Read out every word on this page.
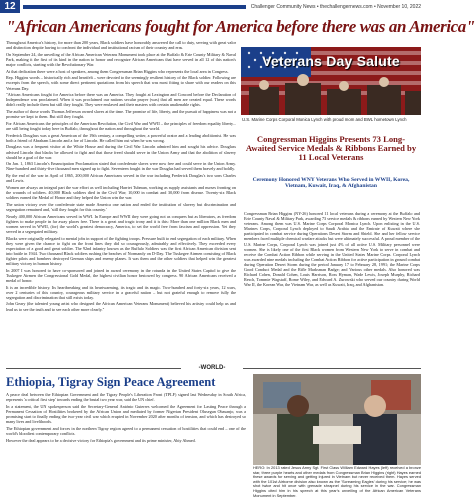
12	Challenger Community News • thechallengernews.com • November 10, 2022
"African Americans fought for America before there was an America"

Throughout America's history, for more than 200 years, Black soldiers have honorably answered the call to duty, serving with great valor and distinction despite having to confront the individual and institutional racism of their country and eras.

On September 24, the unveiling of the African American Veterans Monument took place at the Buffalo & Erie County Military & Naval Park, making it the first of its kind in the nation to honor and recognize African Americans that have served in all 12 of this nation's major conflicts, starting with the Revolutionary War.

At that dedication there were a host of speakers, among them Congressman Brian Higgins who represents the local area in Congress.

Rep. Higgins words – historically rich and heartfelt – were devoted to the seemingly resilient history of the Black soldier. Following are excerpts from the speech, with some direct pertinent quotations from his speech that was most fitting to share with our readers on this Veterans Day.

"African Americans fought for America before there was an America. They fought at Lexington and Concord before the Declaration of Independence was proclaimed. When it was proclaimed our nations secular prayer (was) that all men are created equal. These words didn't really include them but still they fought. They were enslaved and their masters with certain unalienable rights.

The author of those words Thomas Jefferson owned slaves at the time. The promise of life, liberty, and the pursuit of happiness was not a promise we kept to them. But still they fought.

For African Americans the principles of the American Revolution, the Civil War and WWII – the principles of freedom equality liberty... are still being fought today here in Buffalo, throughout the nation and throughout the world.

Frederick Douglass was a great American of the 19th century, a compelling writer, a powerful orator and a leading abolitionist. He was both a friend of Abraham Lincoln and a foe of Lincoln. He called him out when he was wrong.

Douglass was a frequent visitor at the White House and during the Civil War Lincoln admired him and sought his advice. Douglass advised Lincoln that blacks be allowed to fight and that those freed should serve in the Union Army and that the abolition of slavery should be a goal of the war.

On Jan. 1, 1863 Lincoln's Emancipation Proclamation stated that confederate slaves were now free and could serve in the Union Army. Nine-hundred and thirty-five thousand men signed up to fight. Seventeen fought in the war Douglas had served them bravely and boldly.

By the end of the war in April of 1865, 200,000 African Americans served in the war including Frederick Douglas's two sons Charles and Lewis.

Women are always an integral part the war effort as well including Harriet Tubman, working as supply assistants and nurses fronting on the wounds of soldiers. 40,000 Black soldiers died in the Civil War; 10,000 in combat and 30,000 from disease. Twenty-six Black soldiers earned the Medal of Honor and they helped the Union win the war.

The union victory over the confederate state made America one nation and ended the institution of slavery but discrimination and segregation remained and, 'still they fought for this country.'

Nearly 400,000 African Americans served in WWI. In Europe and WWII they were going not as conquers but as liberators, as freedom fighters to make people in far away places free. There is a great and tragic irony and it is this: More than one million Black men and women served in WWII, (for) the world's greatest democracy, America, to set the world free from fascism and oppression. Yet they served in a segregated military.

Blacks were originally relegated to menial jobs in support of the fighting troops. Pressure built to end segregation of each military. When they were given the chance to fight on the front lines they did so courageously, admirably and effectively. They exceeded every expectation of a good and great soldier. The 92nd infantry known as the Buffalo Soldiers was the first African American division sent into battle in 1944. Two thousand Black soldiers rushing the beaches of Normandy on D-Day. The Tuskegee Airmen consisting of Black fighter pilots and bombers destroyed German ships and enemy planes. It was them and the other soldiers that helped win the greatest military victory in human history.

In 2007 I was honored to have co-sponsored and joined in award ceremony in the rotunda in the United States Capitol to give the Tuskegee Airmen the Congressional Gold Medal, the highest civilian honor bestowed by congress. 90 African Americans received a medal of honor.

It is an incredible history. Its heartbreaking and its heartwarming, its tragic and its magic. Two-hundred and forty-six years, 12 wars, over 2 centuries of this country, courageous military service in a graceful nation – but not grateful enough to remove fully the segregation and discrimination that still exists today.

John Geary (the talented young artist who designed the African American Veterans Monument) believed his artistry could help us and lead us to see the truth and to see each other more clearly."

Veterans Day Salute
U.S. Marine Corps Corporal Monica Lynch with proud mom and BWL hometown Lynch
Congressman Higgins Presents 73 Long-Awaited Service Medals & Ribbons Earned by 11 Local Veterans
Ceremony Honored WNY Veterans Who Served in WWII, Korea, Vietnam, Kuwait, Iraq, & Afghanistan
Congressman Brian Higgins (NY-26) honored 11 local veterans during a ceremony at the Buffalo and Erie County Naval & Military Park, awarding 73 service medals & ribbons earned by Western New York veterans. Among them was U.S. Marine Corps Corporal Monica Lynch. Upon enlisting in the U.S. Marines Corps, Corporal Lynch deployed to Saudi Arabia and the Emirate of Kuwait where she participated in combat service during Operations Desert Storm and Shield. She and her fellow service members faced multiple chemical warfare attacks but were ultimately successful. A proud member of the U.S. Marine Corps, Corporal Lynch was joined just 4% of all active U.S. Military personnel were women. She is likely one of the first Black women from Western New York to serve in combat and receive the Combat Action Ribbon while serving in the United States Marine Corps. Corporal Lynch was awarded nine medals including the Combat Action Ribbon for active participation in ground combat during Operation Desert Storm during the period January 17 to February 28, 1991; the Marine Corps Good Conduct Medal and the Rifle Marksman Badge; and Various other medals. Also honored was Richard Cohen, Donald Cohen, Louis Harrison, Ross Hyman, Wade Lewis, Joseph Murphy, Richard Resch, Tommie Wagstaff, Rome Wiley, and Edward A. Zurowski who served our country during World War II, the Korean War, the Vietnam War, as well as Kuwait, Iraq, and Afghanistan.
-WORLD-
Ethiopia, Tigray Sign Peace Agreement

A peace deal between the Ethiopian Government and the Tigray People's Liberation Front (TPLF) signed last Wednesday in South Africa, represents 'a critical first step' towards ending the brutal two year war, said the UN chief.

In a statement, the UN spokesperson said the Secretary-General António Guterres welcomed the Agreement for Lasting Peace through a Permanent Cessation of Hostilities brokered by the African Union and mediated by former Nigerian President Olusegun Obasanjo, was a promising start to finally ending the two-year civil war which erupted in November 2020 after months of tension, and which has destroyed so many lives and livelihoods.

The Ethiopian government and forces in the northern Tigray region agreed to a permanent cessation of hostilities that could end – one of the world's bloodiest contemporary conflicts.

However the deal appears to be a decisive victory for Ethiopia's government and its prime minister, Abiy Ahmed.

HERO: In 2013 rated Jesus Army Sgt. First Class William Edward Hayes (left) received a bronze star, three purple hearts and other medals from Congressman Brian Higgins (right) Hayes earned these awards for serving and getting injured in Vietnam but never received them. Hayes served with the 101st Airborne division also known as the 'Screaming Eagles' during his service; he was shot twice and hit once with grenade shrapnel during his service in the war. Congressman Higgins cited him in his speech at this year's unveiling of the African American Veterans Monument in September.
